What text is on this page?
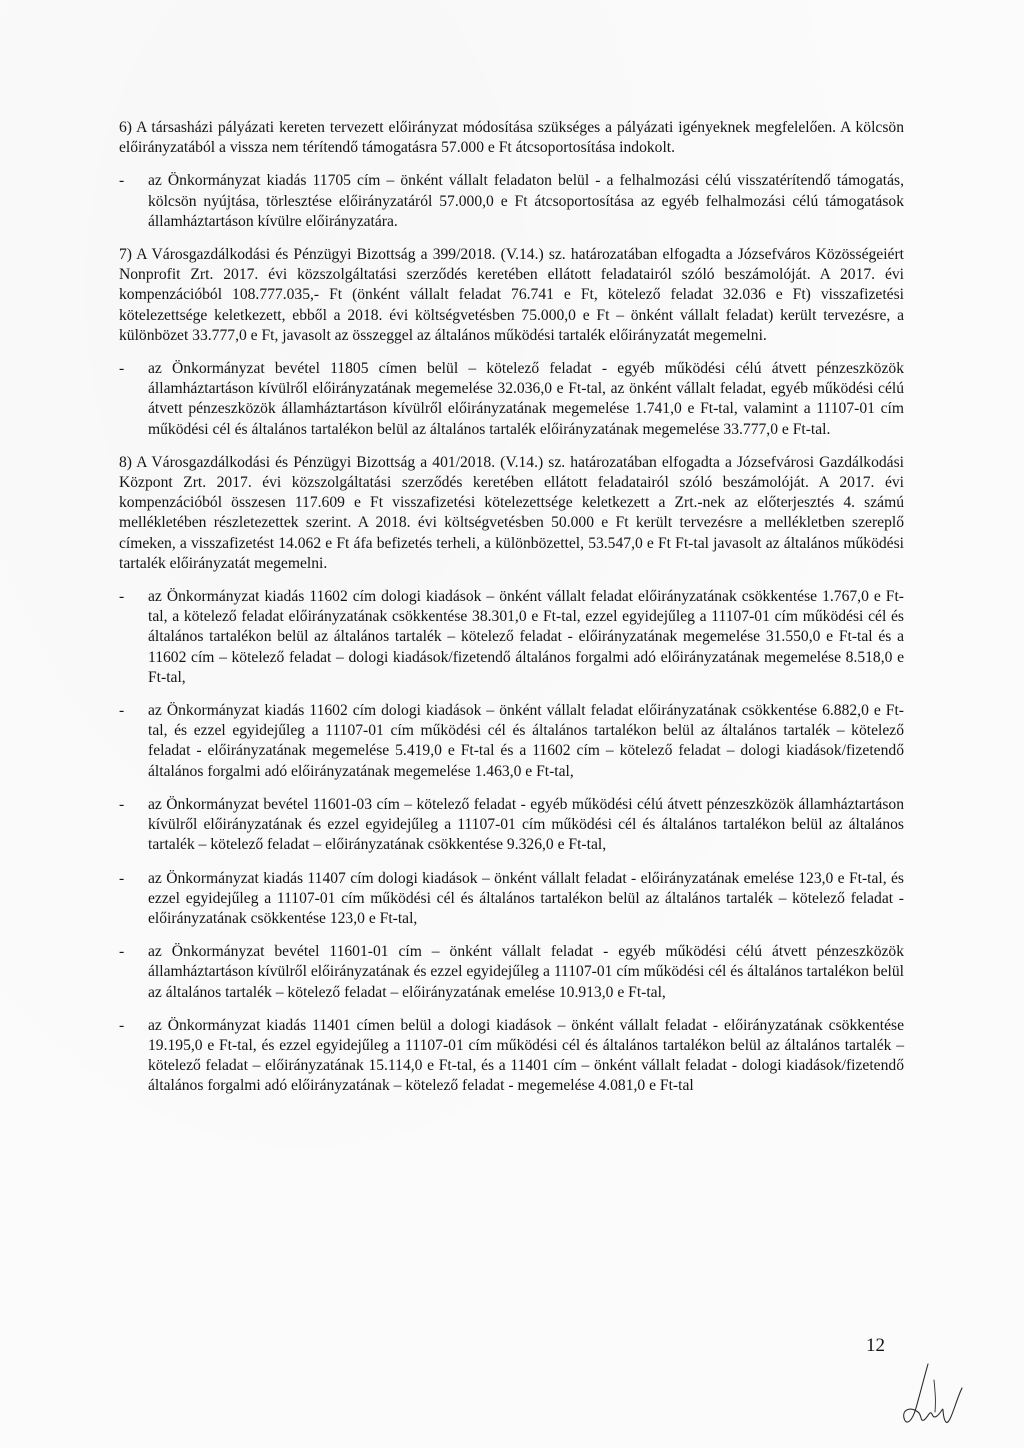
6) A társasházi pályázati kereten tervezett előirányzat módosítása szükséges a pályázati igényeknek megfelelően. A kölcsön előirányzatából a vissza nem térítendő támogatásra 57.000 e Ft átcsoportosítása indokolt.

- az Önkormányzat kiadás 11705 cím – önként vállalt feladaton belül - a felhalmozási célú visszatérítendő támogatás, kölcsön nyújtása, törlesztése előirányzatáról 57.000,0 e Ft átcsoportosítása az egyéb felhalmozási célú támogatások államháztartáson kívülre előirányzatára.

7) A Városgazdálkodási és Pénzügyi Bizottság a 399/2018. (V.14.) sz. határozatában elfogadta a Józsefváros Közösségeiért Nonprofit Zrt. 2017. évi közszolgáltatási szerződés keretében ellátott feladatairól szóló beszámolóját. A 2017. évi kompenzációból 108.777.035,- Ft (önként vállalt feladat 76.741 e Ft, kötelező feladat 32.036 e Ft) visszafizetési kötelezettsége keletkezett, ebből a 2018. évi költségvetésben 75.000,0 e Ft – önként vállalt feladat) került tervezésre, a különbözet 33.777,0 e Ft, javasolt az összeggel az általános működési tartalék előirányzatát megemelni.

- az Önkormányzat bevétel 11805 címen belül – kötelező feladat - egyéb működési célú átvett pénzeszközök államháztartáson kívülről előirányzatának megemelése 32.036,0 e Ft-tal, az önként vállalt feladat, egyéb működési célú átvett pénzeszközök államháztartáson kívülről előirányzatának megemelése 1.741,0 e Ft-tal, valamint a 11107-01 cím működési cél és általános tartalékon belül az általános tartalék előirányzatának megemelése 33.777,0 e Ft-tal.

8) A Városgazdálkodási és Pénzügyi Bizottság a 401/2018. (V.14.) sz. határozatában elfogadta a Józsefvárosi Gazdálkodási Központ Zrt. 2017. évi közszolgáltatási szerződés keretében ellátott feladatairól szóló beszámolóját. A 2017. évi kompenzációból összesen 117.609 e Ft visszafizetési kötelezettsége keletkezett a Zrt.-nek az előterjesztés 4. számú mellékletében részletezettek szerint. A 2018. évi költségvetésben 50.000 e Ft került tervezésre a mellékletben szereplő címeken, a visszafizetést 14.062 e Ft áfa befizetés terheli, a különbözettel, 53.547,0 e Ft Ft-tal javasolt az általános működési tartalék előirányzatát megemelni.

- az Önkormányzat kiadás 11602 cím dologi kiadások – önként vállalt feladat előirányzatának csökkentése 1.767,0 e Ft-tal, a kötelező feladat előirányzatának csökkentése 38.301,0 e Ft-tal, ezzel egyidejűleg a 11107-01 cím működési cél és általános tartalékon belül az általános tartalék – kötelező feladat - előirányzatának megemelése 31.550,0 e Ft-tal és a 11602 cím – kötelező feladat – dologi kiadások/fizetendő általános forgalmi adó előirányzatának megemelése 8.518,0 e Ft-tal,
- az Önkormányzat kiadás 11602 cím dologi kiadások – önként vállalt feladat előirányzatának csökkentése 6.882,0 e Ft-tal, és ezzel egyidejűleg a 11107-01 cím működési cél és általános tartalékon belül az általános tartalék – kötelező feladat - előirányzatának megemelése 5.419,0 e Ft-tal és a 11602 cím – kötelező feladat – dologi kiadások/fizetendő általános forgalmi adó előirányzatának megemelése 1.463,0 e Ft-tal,
- az Önkormányzat bevétel 11601-03 cím – kötelező feladat - egyéb működési célú átvett pénzeszközök államháztartáson kívülről előirányzatának és ezzel egyidejűleg a 11107-01 cím működési cél és általános tartalékon belül az általános tartalék – kötelező feladat – előirányzatának csökkentése 9.326,0 e Ft-tal,
- az Önkormányzat kiadás 11407 cím dologi kiadások – önként vállalt feladat - előirányzatának emelése 123,0 e Ft-tal, és ezzel egyidejűleg a 11107-01 cím működési cél és általános tartalékon belül az általános tartalék – kötelező feladat - előirányzatának csökkentése 123,0 e Ft-tal,
- az Önkormányzat bevétel 11601-01 cím – önként vállalt feladat - egyéb működési célú átvett pénzeszközök államháztartáson kívülről előirányzatának és ezzel egyidejűleg a 11107-01 cím működési cél és általános tartalékon belül az általános tartalék – kötelező feladat – előirányzatának emelése 10.913,0 e Ft-tal,
- az Önkormányzat kiadás 11401 címen belül a dologi kiadások – önként vállalt feladat - előirányzatának csökkentése 19.195,0 e Ft-tal, és ezzel egyidejűleg a 11107-01 cím működési cél és általános tartalékon belül az általános tartalék – kötelező feladat – előirányzatának 15.114,0 e Ft-tal, és a 11401 cím – önként vállalt feladat - dologi kiadások/fizetendő általános forgalmi adó előirányzatának – kötelező feladat - megemelése 4.081,0 e Ft-tal
12
